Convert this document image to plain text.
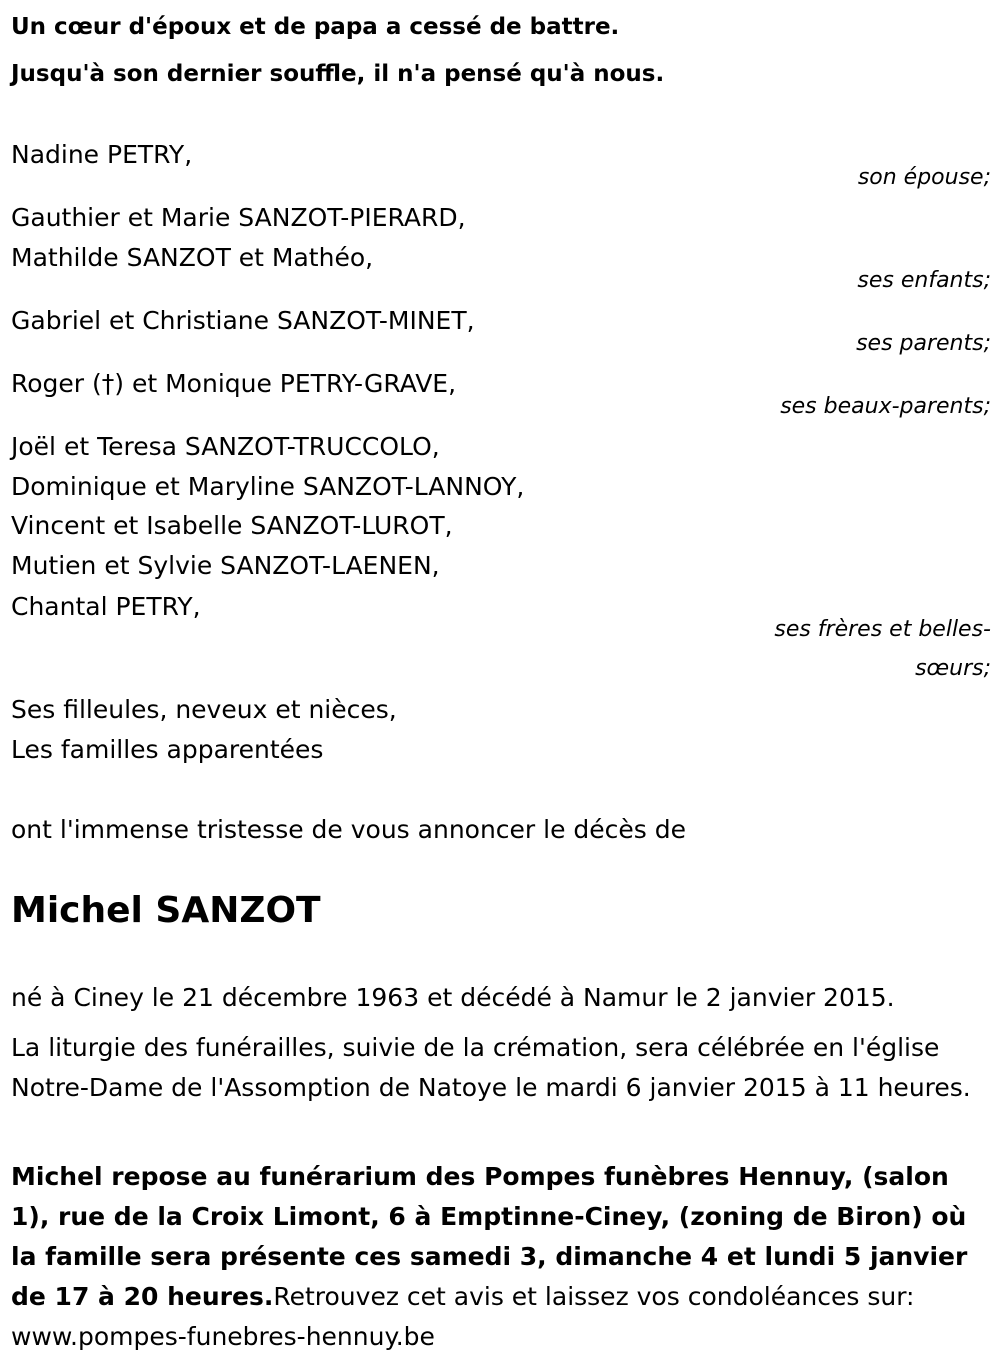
Un cœur d'époux et de papa a cessé de battre.
Jusqu'à son dernier souffle, il n'a pensé qu'à nous.
Nadine PETRY,
son épouse;
Gauthier et Marie SANZOT-PIERARD,
Mathilde SANZOT et Mathéo,
ses enfants;
Gabriel et Christiane SANZOT-MINET,
ses parents;
Roger (†) et Monique PETRY-GRAVE,
ses beaux-parents;
Joël et Teresa SANZOT-TRUCCOLO,
Dominique et Maryline SANZOT-LANNOY,
Vincent et Isabelle SANZOT-LUROT,
Mutien et Sylvie SANZOT-LAENEN,
Chantal PETRY,
ses frères et belles-
sœurs;
Ses filleules, neveux et nièces,
Les familles apparentées
ont l'immense tristesse de vous annoncer le décès de
Michel SANZOT
né à Ciney le 21 décembre 1963 et décédé à Namur le 2 janvier 2015.
La liturgie des funérailles, suivie de la crémation, sera célébrée en l'église Notre-Dame de l'Assomption de Natoye le mardi 6 janvier 2015 à 11 heures.
Michel repose au funérarium des Pompes funèbres Hennuy, (salon 1), rue de la Croix Limont, 6 à Emptinne-Ciney, (zoning de Biron) où la famille sera présente ces samedi 3, dimanche 4 et lundi 5 janvier de 17 à 20 heures.Retrouvez cet avis et laissez vos condoléances sur: www.pompes-funebres-hennuy.be
